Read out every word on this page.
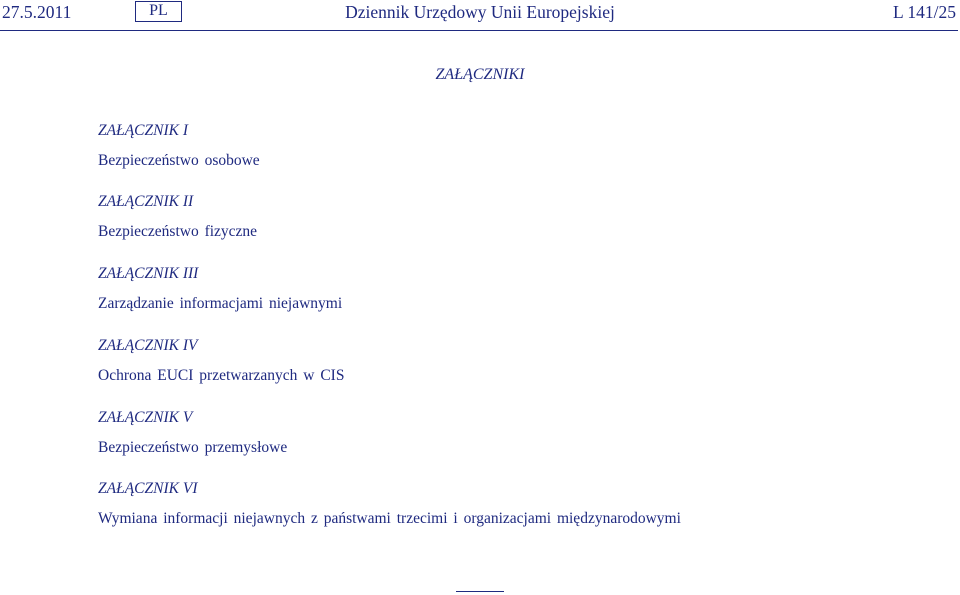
27.5.2011	PL	Dziennik Urzędowy Unii Europejskiej	L 141/25
ZAŁĄCZNIKI
ZAŁĄCZNIK I
Bezpieczeństwo osobowe
ZAŁĄCZNIK II
Bezpieczeństwo fizyczne
ZAŁĄCZNIK III
Zarządzanie informacjami niejawnymi
ZAŁĄCZNIK IV
Ochrona EUCI przetwarzanych w CIS
ZAŁĄCZNIK V
Bezpieczeństwo przemysłowe
ZAŁĄCZNIK VI
Wymiana informacji niejawnych z państwami trzecimi i organizacjami międzynarodowymi
